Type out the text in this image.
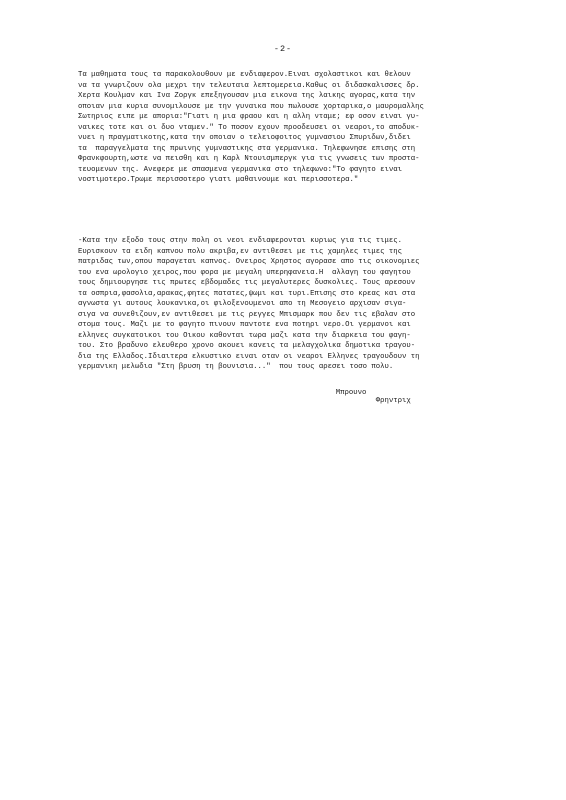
-2-
Τα μαθηματα τους τα παρακολουθουν με ενδιαφερον.Ειναι σχολαστικοι και θελουν
να τα γνωριζουν ολα μεχρι την τελευταια λεπτομερεια.Καθως οι διδασκαλισσες δρ.
Χερτα Κουλμαν και Ινα Ζοργκ επεξηγουσαν μια εικονα της λαικης αγορας,κατα την
οποιαν μια κυρια συνομιλουσε με την γυναικα που πωλουσε χορταρικα,ο μαυρομαλλης
Σωτηριος ειπε με απορια:"Γιατι η μια φραου και η αλλη νταμε; εφ οσον ειναι γυ-
ναικες τοτε και οι δυο νταμεν." Το ποσον εχουν προοδευσει οι νεαροι,το αποδυκ-
νυει η πραγματικοτης,κατα την οποιαν ο τελειοφοιτος γυμνασιου Σπυριδων,διδει
τα  παραγγελματα της πρωινης γυμναστικης στα γερμανικα. Τηλεφωνησε επισης στη
Φρανκφουρτη,ωστε να πεισθη και η Καρλ Ντουισμπεργκ για τις γνωσεις των προστα-
τευομενων της. Ανεφερε με σπασμενα γερμανικα στο τηλεφωνο:"Το φαγητο ειναι
νοστιμοτερο.Τρωμε περισσοτερο γιατι μαθαινουμε και περισσοτερα."
-Κατα την εξοδο τους στην πολη οι νεοι ενδιαφερονται κυριως για τις τιμες.
Ευρισκουν τα ειδη καπνου πολυ ακριβα,εν αντιθεσει με τις χαμηλες τιμες της
πατριδας των,οπου παραγεται καπνος. Ονειρος Χρηστος αγορασε απο τις οικονομιες
του ενα ωρολογιο χειρος,που φορα με μεγαλη υπερηφανεια.Η  αλλαγη του φαγητου
τους δημιουργησε τις πρωτες εβδομαδες τις μεγαλυτερες δυσκολιες. Τους αρεσουν
τα οσπρια,φασολια,αρακας,φητες πατατες,ψωμι και τυρι.Επισης στο κρεας και στα
αγνωστα γι αυτους λουκανικα,οι φιλοξενουμενοι απο τη Μεσογειο αρχισαν σιγα-
σιγα να συνεθιζουν,εν αντιθεσει με τις ρεγγες Μπισμαρκ που δεν τις εβαλαν στο
στομα τους. Μαζι με το φαγητο πινουν παντοτε ενα ποτηρι νερο.Οι γερμανοι και
ελληνες συγκατοικοι του Οικου καθονται τωρα μαζι κατα την διαρκεια του φαγη-
του. Στο βραδυνο ελευθερο χρονο ακουει κανεις τα μελαγχολικα δημοτικα τραγου-
δια της Ελλαδος.Ιδιαιτερα ελκυστικο ειναι οταν οι νεαροι Ελληνες τραγουδουν τη
γερμανικη μελωδια "Στη βρυση τη βουνισια..."  που τους αρεσει τοσο πολυ.

Μπρουνο
Φρηντριχ
